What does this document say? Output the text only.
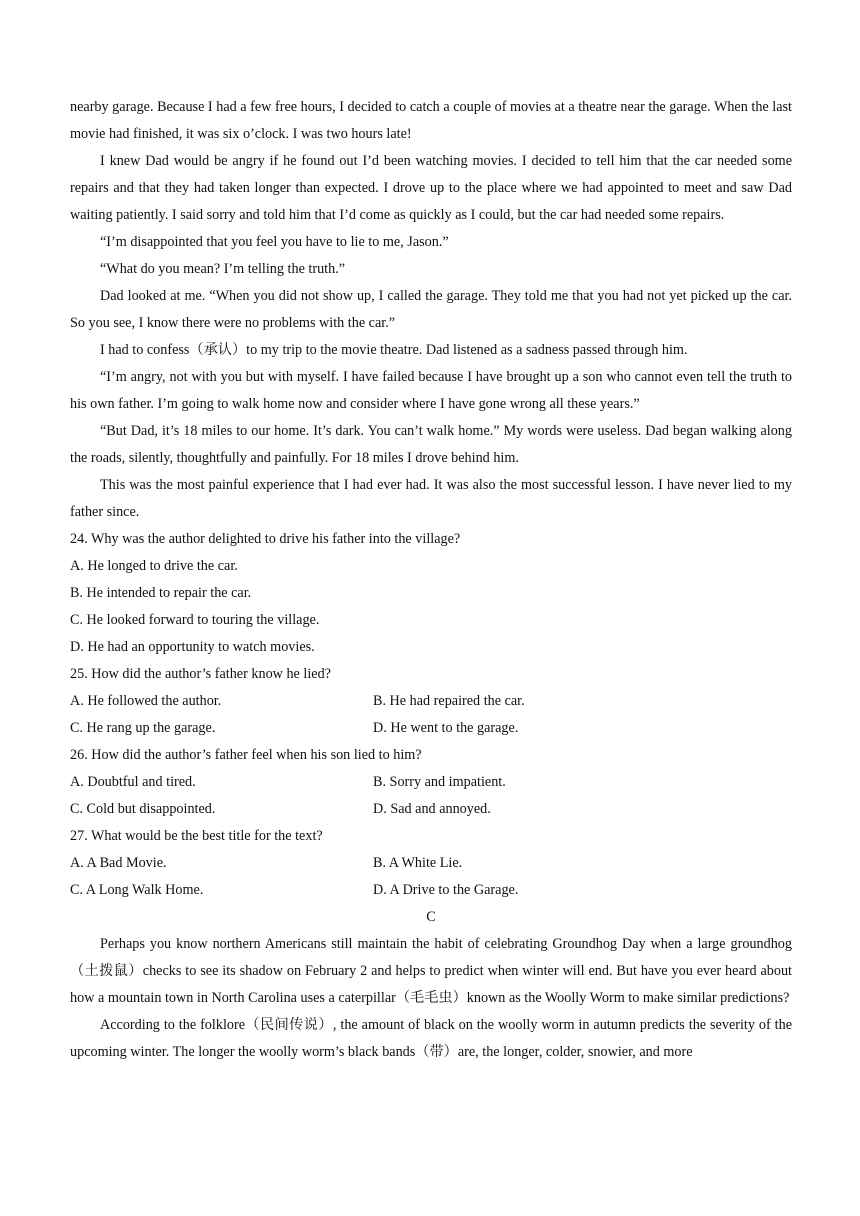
nearby garage. Because I had a few free hours, I decided to catch a couple of movies at a theatre near the garage. When the last movie had finished, it was six o’clock. I was two hours late!

I knew Dad would be angry if he found out I’d been watching movies. I decided to tell him that the car needed some repairs and that they had taken longer than expected. I drove up to the place where we had appointed to meet and saw Dad waiting patiently. I said sorry and told him that I’d come as quickly as I could, but the car had needed some repairs.

“I’m disappointed that you feel you have to lie to me, Jason.”

“What do you mean? I’m telling the truth.”

Dad looked at me. “When you did not show up, I called the garage. They told me that you had not yet picked up the car. So you see, I know there were no problems with the car.”

I had to confess（承认）to my trip to the movie theatre. Dad listened as a sadness passed through him.

“I’m angry, not with you but with myself. I have failed because I have brought up a son who cannot even tell the truth to his own father. I’m going to walk home now and consider where I have gone wrong all these years.”

“But Dad, it’s 18 miles to our home. It’s dark. You can’t walk home.” My words were useless. Dad began walking along the roads, silently, thoughtfully and painfully. For 18 miles I drove behind him.

This was the most painful experience that I had ever had. It was also the most successful lesson. I have never lied to my father since.

24. Why was the author delighted to drive his father into the village?

A. He longed to drive the car.

B. He intended to repair the car.

C. He looked forward to touring the village.

D. He had an opportunity to watch movies.

25. How did the author’s father know he lied?

A. He followed the author.	B. He had repaired the car.
C. He rang up the garage.	D. He went to the garage.

26. How did the author’s father feel when his son lied to him?

A. Doubtful and tired.	B. Sorry and impatient.
C. Cold but disappointed.	D. Sad and annoyed.

27. What would be the best title for the text?

A. A Bad Movie.	B. A White Lie.
C. A Long Walk Home.	D. A Drive to the Garage.

C

Perhaps you know northern Americans still maintain the habit of celebrating Groundhog Day when a large groundhog（土拨鼠）checks to see its shadow on February 2 and helps to predict when winter will end. But have you ever heard about how a mountain town in North Carolina uses a caterpillar（毛毛虫）known as the Woolly Worm to make similar predictions?

According to the folklore（民间传说）, the amount of black on the woolly worm in autumn predicts the severity of the upcoming winter. The longer the woolly worm’s black bands（带）are, the longer, colder, snowier, and more
